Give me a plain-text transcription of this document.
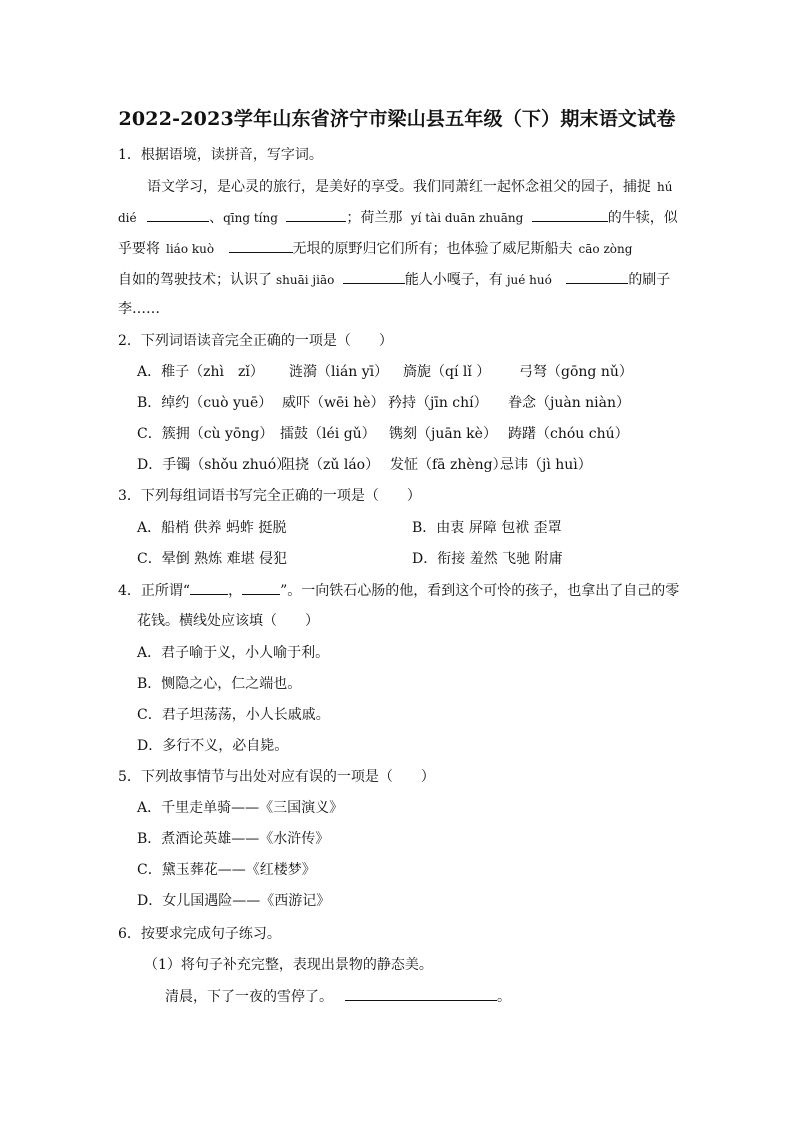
2022-2023学年山东省济宁市梁山县五年级（下）期末语文试卷
1．根据语境，读拼音，写字词。
语文学习，是心灵的旅行，是美好的享受。我们同萧红一起怀念祖父的园子，捕捉 hú
dié	、qīng tíng	；荷兰那 yí tài duān zhuāng	的牛犊，似
乎要将 liáo kuò	无垠的原野归它们所有；也体验了威尼斯船夫 cāo zòng
自如的驾驶技术；认识了 shuāi jiāo	能人小嘎子，有 jué huó	的刷子
李……
2．下列词语读音完全正确的一项是（　　）
A．稚子（zhì　zǐ） 涟漪（lián yī） 旖旎（qí lǐ ） 弓弩（gōng nǔ）
B．绰约（cuò yuē） 威吓（wēi hè） 矜持（jīn chí） 眷念（juàn niàn）
C．簇拥（cù yōng） 擂鼓（léi gǔ） 镌刻（juān kè） 踌躇（chóu chú）
D．手镯（shǒu zhuó）
阻挠（zǔ láo） 发怔（fā zhèng）
忌讳（jì huì）
3．下列每组词语书写完全正确的一项是（　　）
A．船梢 供养 蚂蚱 挺脱	B．由衷 屏障 包袱 歪罩
C．晕倒 熟炼 难堪 侵犯	D．衔接 羞然 飞驰 附庸
4．正所谓“	，	”。一向铁石心肠的他，看到这个可怜的孩子，也拿出了自己的零
花钱。横线处应该填（　　）
A．君子喻于义，小人喻于利。
B．恻隐之心，仁之端也。
C．君子坦荡荡，小人长戚戚。
D．多行不义，必自毙。
5．下列故事情节与出处对应有误的一项是（　　）
A．千里走单骑——《三国演义》
B．煮酒论英雄——《水浒传》
C．黛玉葬花——《红楼梦》
D．女儿国遇险——《西游记》
6．按要求完成句子练习。
（1）将句子补充完整，表现出景物的静态美。
清晨，下了一夜的雪停了。	。
